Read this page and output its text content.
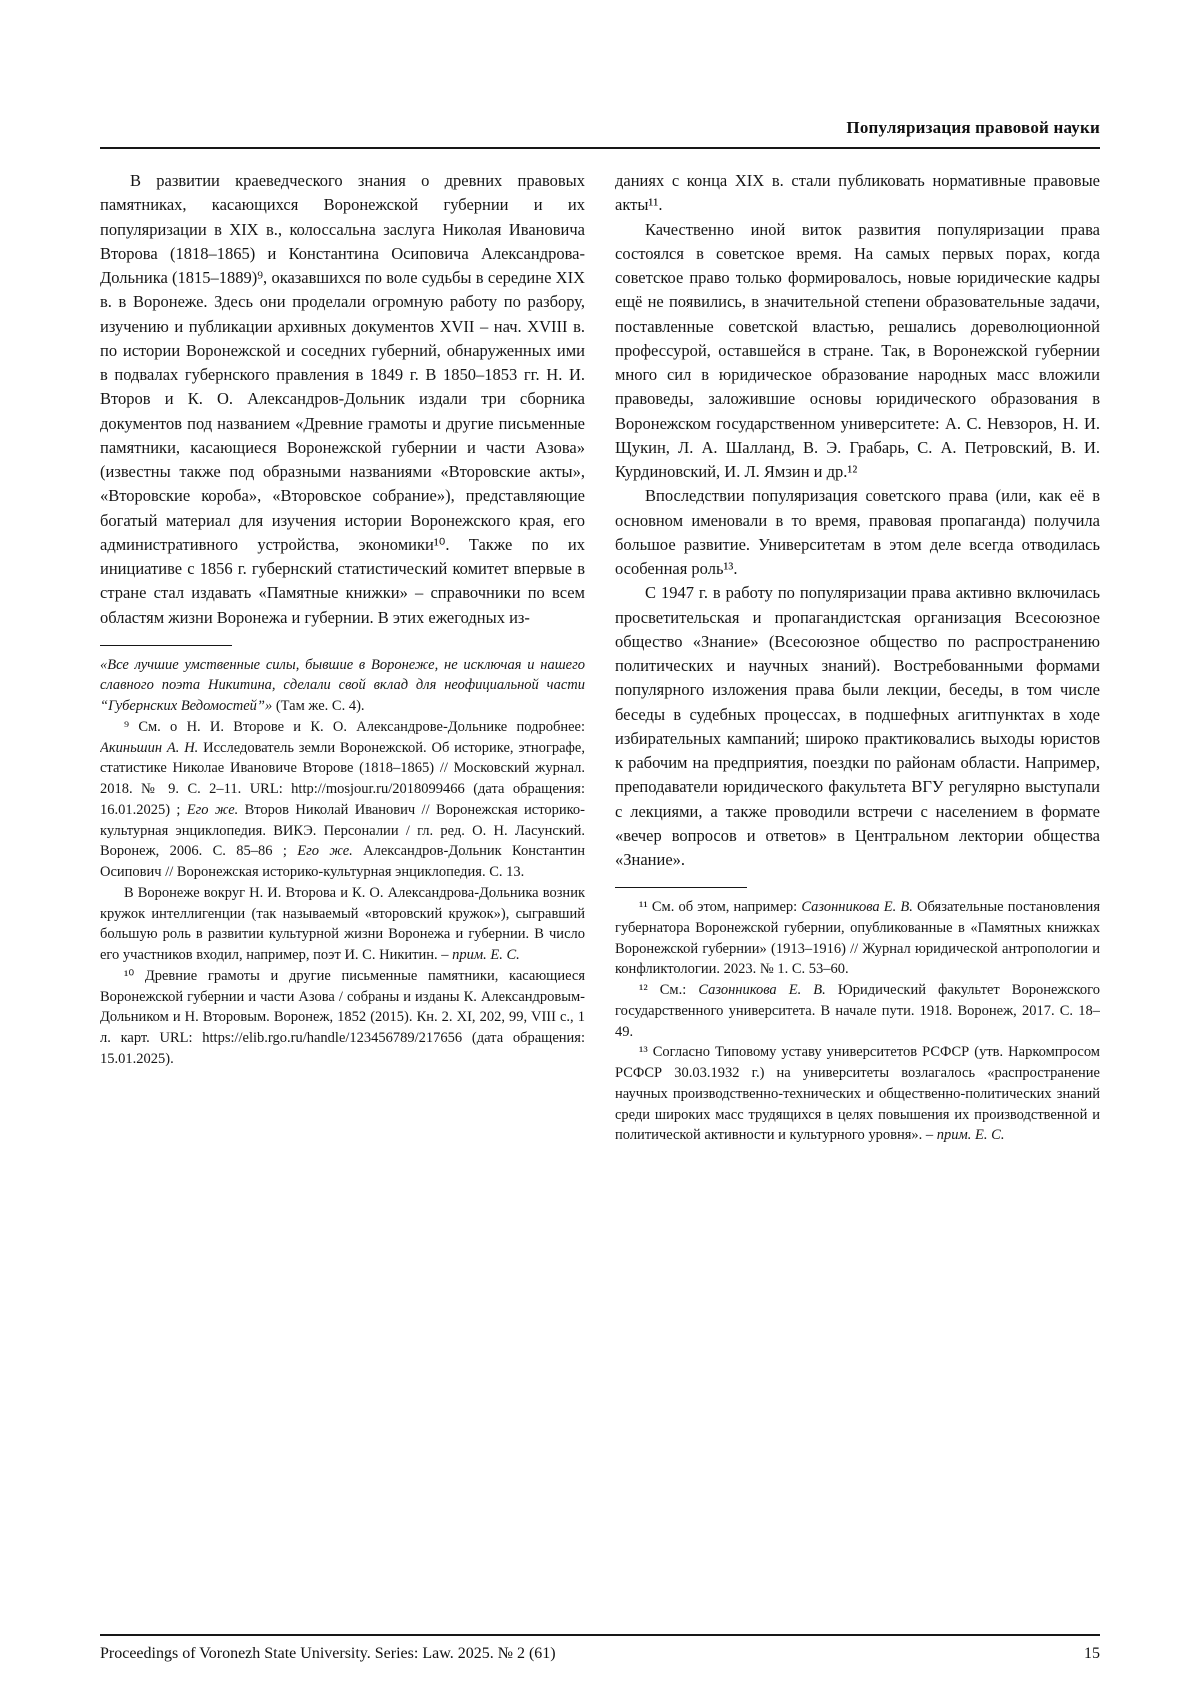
Популяризация правовой науки

В развитии краеведческого знания о древних правовых памятниках, касающихся Воронежской губернии и их популяризации в XIX в., колоссальна заслуга Николая Ивановича Второва (1818–1865) и Константина Осиповича Александрова-Дольника (1815–1889)⁹, оказавшихся по воле судьбы в середине XIX в. в Воронеже. Здесь они проделали огромную работу по разбору, изучению и публикации архивных документов XVII – нач. XVIII в. по истории Воронежской и соседних губерний, обнаруженных ими в подвалах губернского правления в 1849 г. В 1850–1853 гг. Н. И. Второв и К. О. Александров-Дольник издали три сборника документов под названием «Древние грамоты и другие письменные памятники, касающиеся Воронежской губернии и части Азова» (известны также под образными названиями «Второвские акты», «Второвские короба», «Второвское собрание»), представляющие богатый материал для изучения истории Воронежского края, его административного устройства, экономики¹⁰. Также по их инициативе с 1856 г. губернский статистический комитет впервые в стране стал издавать «Памятные книжки» – справочники по всем областям жизни Воронежа и губернии. В этих ежегодных из-

«Все лучшие умственные силы, бывшие в Воронеже, не исключая и нашего славного поэта Никитина, сделали свой вклад для неофициальной части “Губернских Ведомостей”» (Там же. С. 4).

⁹ См. о Н. И. Второве и К. О. Александрове-Дольнике подробнее: Акиньшин А. Н. Исследователь земли Воронежской. Об историке, этнографе, статистике Николае Ивановиче Второве (1818–1865) // Московский журнал. 2018. № 9. С. 2–11. URL: http://mosjour.ru/2018099466 (дата обращения: 16.01.2025) ; Его же. Второв Николай Иванович // Воронежская историко-культурная энциклопедия. ВИКЭ. Персоналии / гл. ред. О. Н. Ласунский. Воронеж, 2006. С. 85–86 ; Его же. Александров-Дольник Константин Осипович // Воронежская историко-культурная энциклопедия. С. 13.

В Воронеже вокруг Н. И. Второва и К. О. Александрова-Дольника возник кружок интеллигенции (так называемый «второвский кружок»), сыгравший большую роль в развитии культурной жизни Воронежа и губернии. В число его участников входил, например, поэт И. С. Никитин. – прим. Е. С.

¹⁰ Древние грамоты и другие письменные памятники, касающиеся Воронежской губернии и части Азова / собраны и изданы К. Александровым-Дольником и Н. Второвым. Воронеж, 1852 (2015). Кн. 2. XI, 202, 99, VIII с., 1 л. карт. URL: https://elib.rgo.ru/handle/123456789/217656 (дата обращения: 15.01.2025).

даниях с конца XIX в. стали публиковать нормативные правовые акты¹¹.

Качественно иной виток развития популяризации права состоялся в советское время. На самых первых порах, когда советское право только формировалось, новые юридические кадры ещё не появились, в значительной степени образовательные задачи, поставленные советской властью, решались дореволюционной профессурой, оставшейся в стране. Так, в Воронежской губернии много сил в юридическое образование народных масс вложили правоведы, заложившие основы юридического образования в Воронежском государственном университете: А. С. Невзоров, Н. И. Щукин, Л. А. Шалланд, В. Э. Грабарь, С. А. Петровский, В. И. Курдиновский, И. Л. Ямзин и др.¹²

Впоследствии популяризация советского права (или, как её в основном именовали в то время, правовая пропаганда) получила большое развитие. Университетам в этом деле всегда отводилась особенная роль¹³.

С 1947 г. в работу по популяризации права активно включилась просветительская и пропагандистская организация Всесоюзное общество «Знание» (Всесоюзное общество по распространению политических и научных знаний). Востребованными формами популярного изложения права были лекции, беседы, в том числе беседы в судебных процессах, в подшефных агитпунктах в ходе избирательных кампаний; широко практиковались выходы юристов к рабочим на предприятия, поездки по районам области. Например, преподаватели юридического факультета ВГУ регулярно выступали с лекциями, а также проводили встречи с населением в формате «вечер вопросов и ответов» в Центральном лектории общества «Знание».

¹¹ См. об этом, например: Сазонникова Е. В. Обязательные постановления губернатора Воронежской губернии, опубликованные в «Памятных книжках Воронежской губернии» (1913–1916) // Журнал юридической антропологии и конфликтологии. 2023. № 1. С. 53–60.

¹² См.: Сазонникова Е. В. Юридический факультет Воронежского государственного университета. В начале пути. 1918. Воронеж, 2017. С. 18–49.

¹³ Согласно Типовому уставу университетов РСФСР (утв. Наркомпросом РСФСР 30.03.1932 г.) на университеты возлагалось «распространение научных производственно-технических и общественно-политических знаний среди широких масс трудящихся в целях повышения их производственной и политической активности и культурного уровня». – прим. Е. С.

Proceedings of Voronezh State University. Series: Law. 2025. № 2 (61)	15
